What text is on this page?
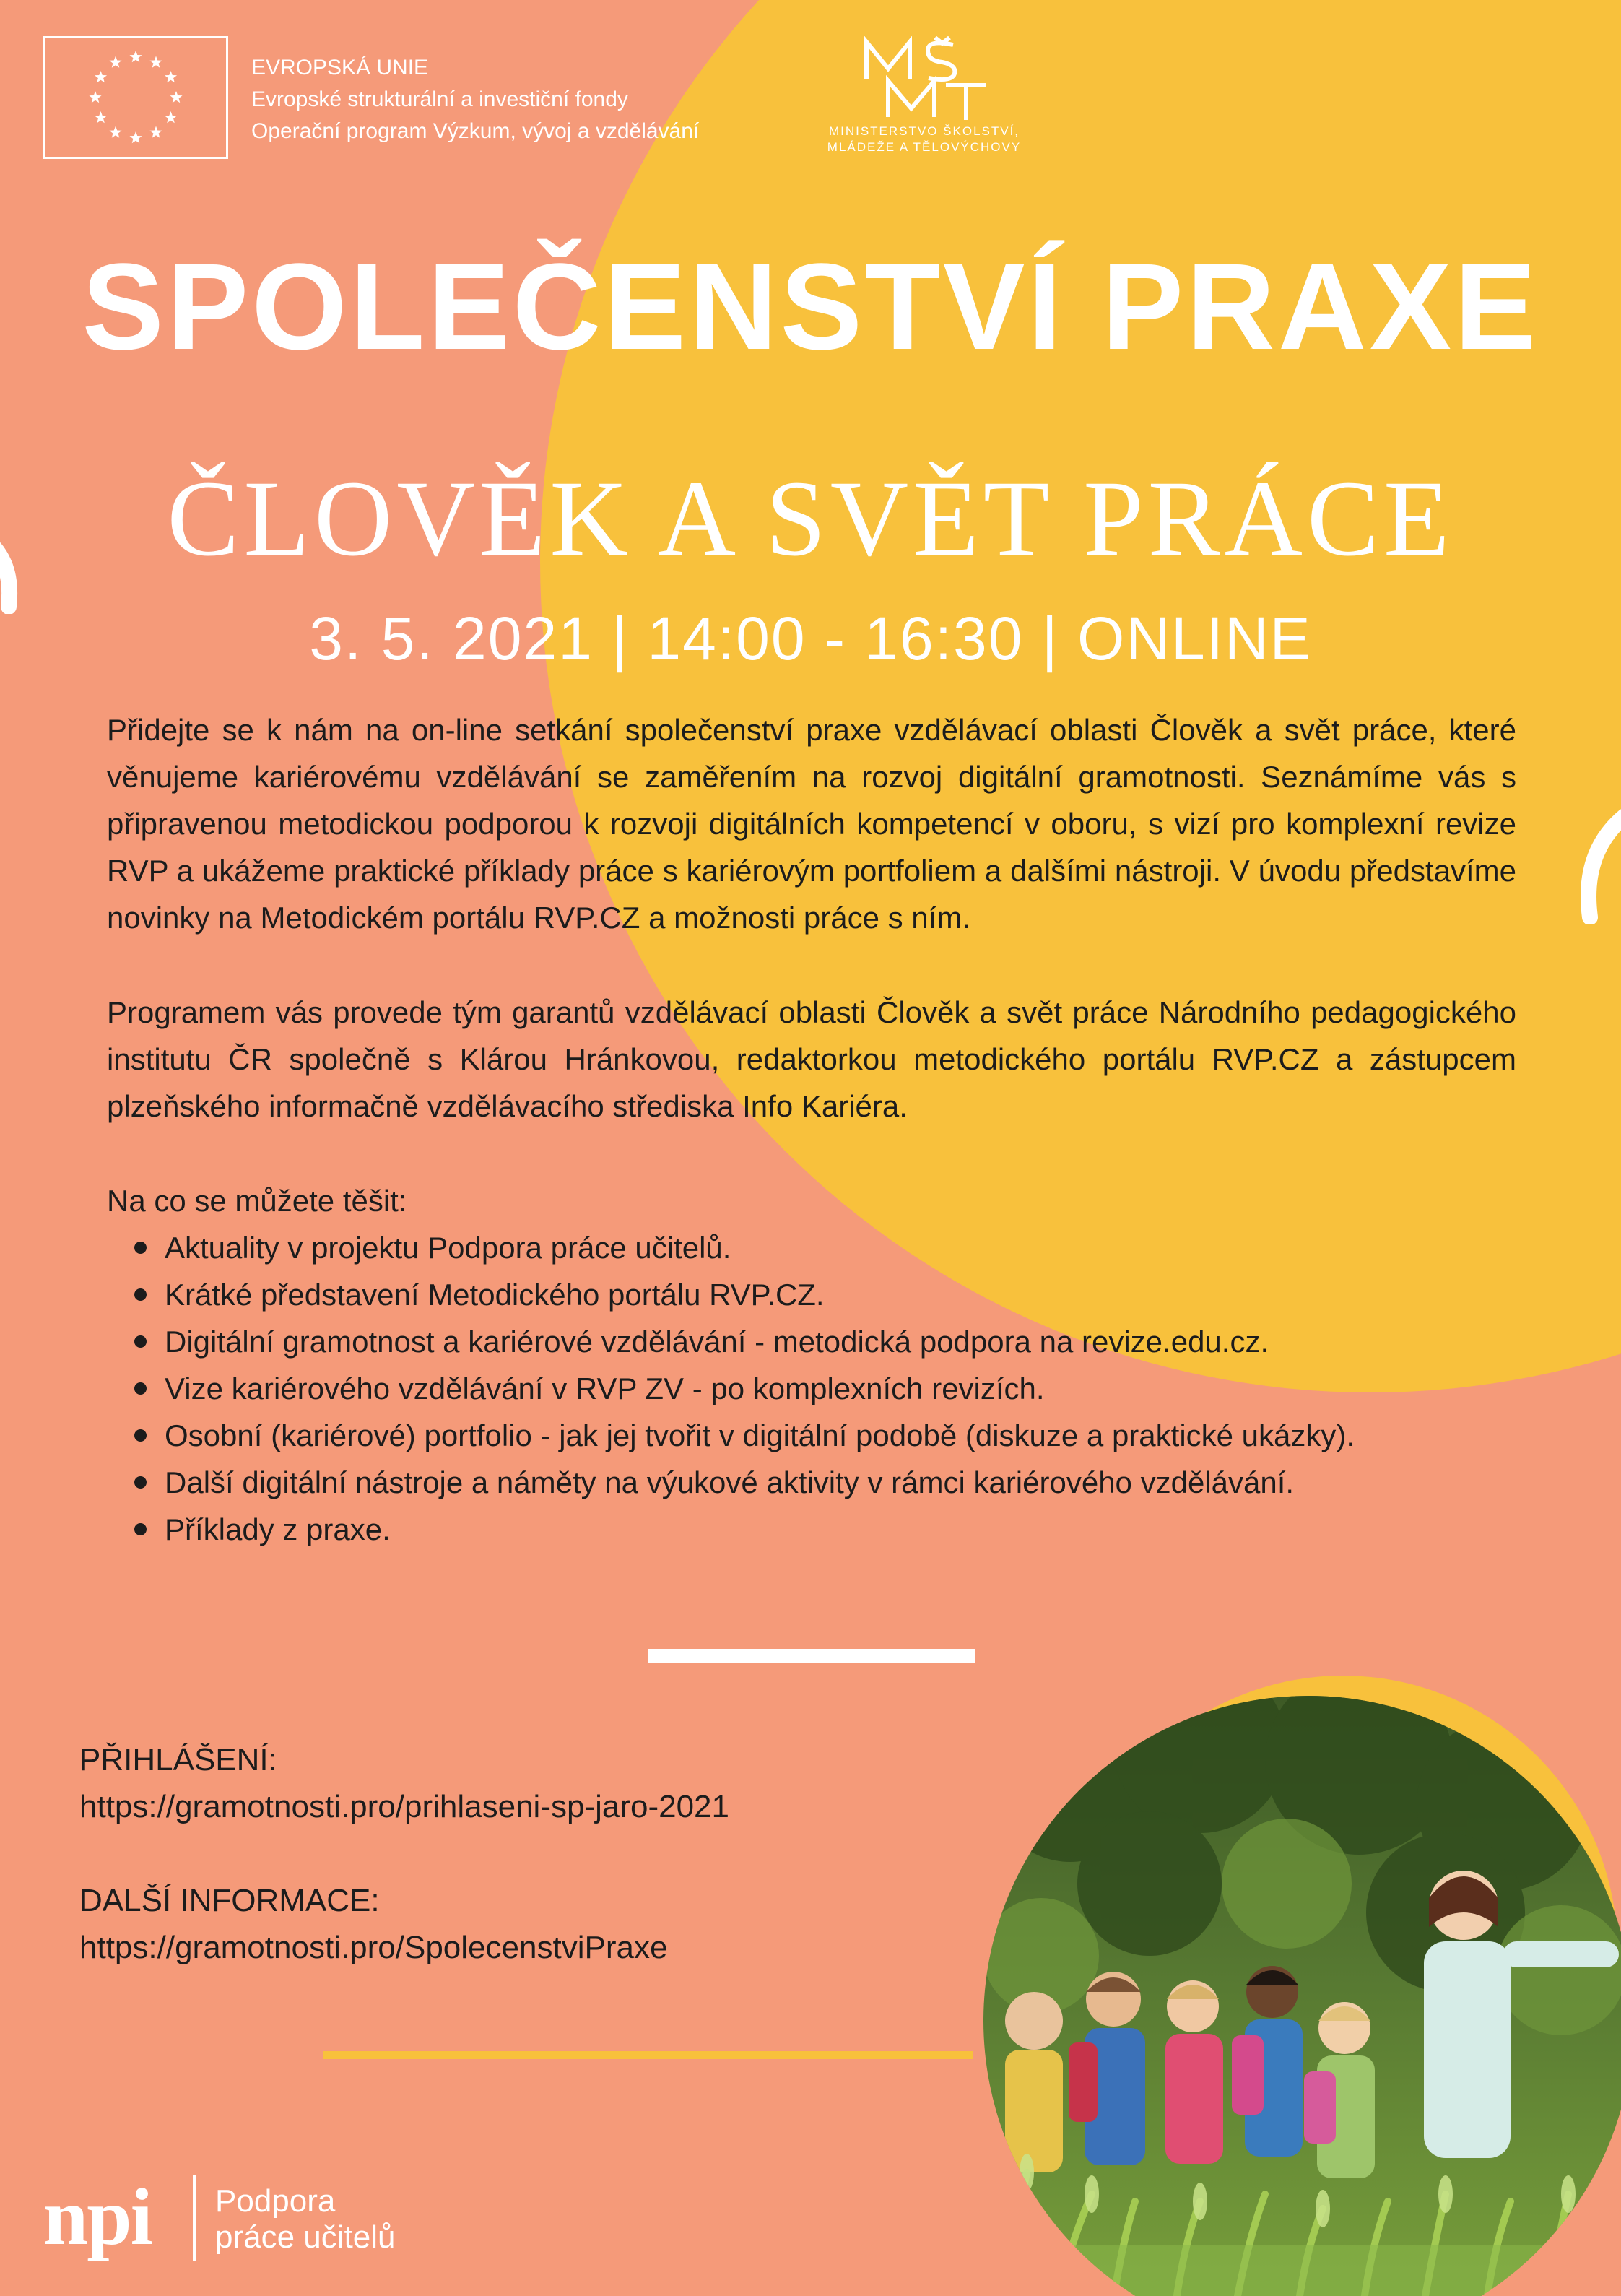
EVROPSKÁ UNIE
Evropské strukturální a investiční fondy
Operační program Výzkum, vývoj a vzdělávání	MINISTERSTVO ŠKOLSTVÍ,
MLÁDEŽE A TĚLOVÝCHOVY
SPOLEČENSTVÍ PRAXE
ČLOVĚK A SVĚT PRÁCE
3. 5. 2021 | 14:00 - 16:30 | ONLINE

Přidejte se k nám na on-line setkání společenství praxe vzdělávací oblasti Člověk a svět práce, které věnujeme kariérovému vzdělávání se zaměřením na rozvoj digitální gramotnosti. Seznámíme vás s připravenou metodickou podporou k rozvoji digitálních kompetencí v oboru, s vizí pro komplexní revize RVP a ukážeme praktické příklady práce s kariérovým portfoliem a dalšími nástroji. V úvodu představíme novinky na Metodickém portálu RVP.CZ a možnosti práce s ním.

Programem vás provede tým garantů vzdělávací oblasti Člověk a svět práce Národního pedagogického institutu ČR společně s Klárou Hránkovou, redaktorkou metodického portálu RVP.CZ a zástupcem plzeňského informačně vzdělávacího střediska Info Kariéra.

Na co se můžete těšit:

Aktuality v projektu Podpora práce učitelů.
Krátké představení Metodického portálu RVP.CZ.
Digitální gramotnost a kariérové vzdělávání - metodická podpora na revize.edu.cz.
Vize kariérového vzdělávání v RVP ZV - po komplexních revizích.
Osobní (kariérové) portfolio - jak jej tvořit v digitální podobě (diskuze a praktické ukázky).
Další digitální nástroje a náměty na výukové aktivity v rámci kariérového vzdělávání.
Příklady z praxe.
PŘIHLÁŠENÍ:
https://gramotnosti.pro/prihlaseni-sp-jaro-2021
DALŠÍ INFORMACE:
https://gramotnosti.pro/SpolecenstviPraxe
npi Podpora
práce učitelů
